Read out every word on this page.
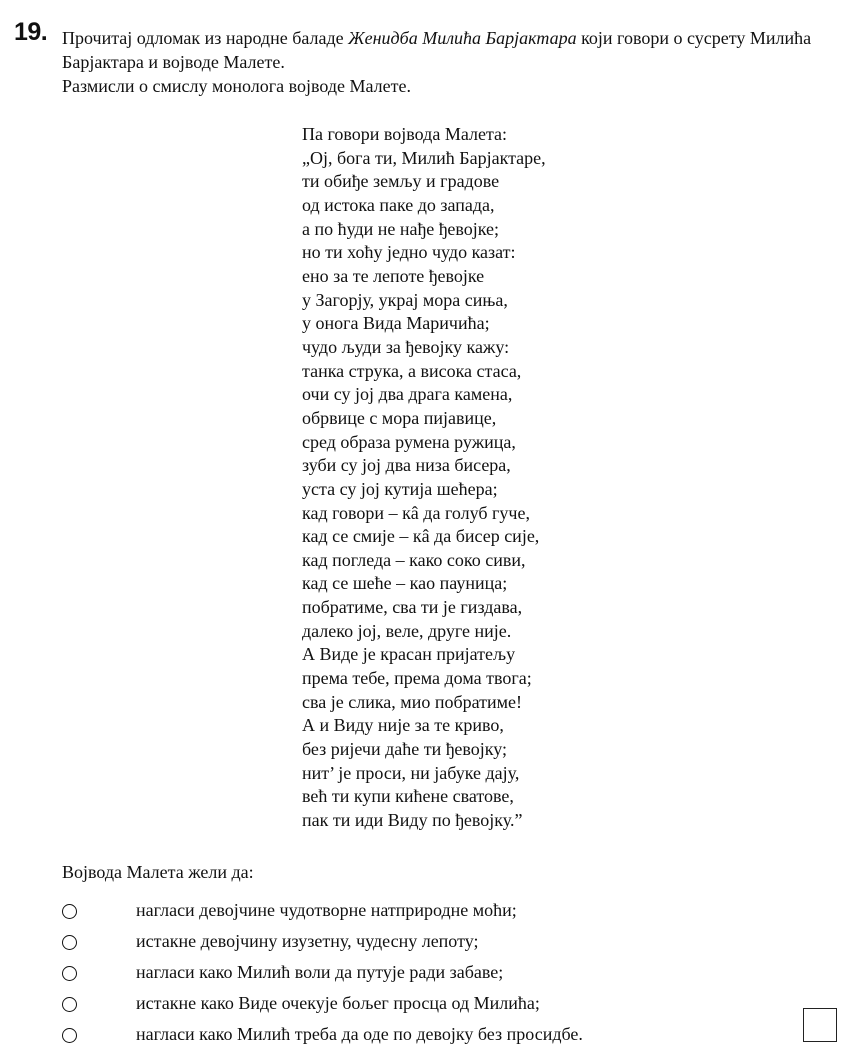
19. Прочитај одломак из народне баладе Женидба Милића Барјактара који говори о сусрету Милића Барјактара и војводе Малете.

Размисли о смислу монолога војводе Малете.

Па говори војвода Малета:
„Ој, бога ти, Милић Барјактаре,
ти обиђе земљу и градове
од истока паке до запада,
а по ћуди не нађе ђевојке;
но ти хоћу једно чудо казат:
ено за те лепоте ђевојке
у Загорју, украј мора сиња,
у онога Вида Маричића;
чудо људи за ђевојку кажу:
танка струка, а висока стаса,
очи су јој два драга камена,
обрвице с мора пијавице,
сред образа румена ружица,
зуби су јој два низа бисера,
уста су јој кутија шећера;
кад говори – кâ да голуб гуче,
кад се смије – кâ да бисер сије,
кад погледа – како соко сиви,
кад се шеће – као пауница;
побратиме, сва ти је гиздава,
далеко јој, веле, друге није.
А Виде је красан пријатељу
према тебе, према дома твога;
сва је слика, мио побратиме!
А и Виду није за те криво,
без ријечи даће ти ђевојку;
нит’ је проси, ни јабуке дају,
већ ти купи кићене сватове,
пак ти иди Виду по ђевојку.”
Војвода Малета жели да:
нагласи девојчине чудотворне натприродне моћи;
истакне девојчину изузетну, чудесну лепоту;
нагласи како Милић воли да путује ради забаве;
истакне како Виде очекује бољег просца од Милића;
нагласи како Милић треба да оде по девојку без просидбе.
